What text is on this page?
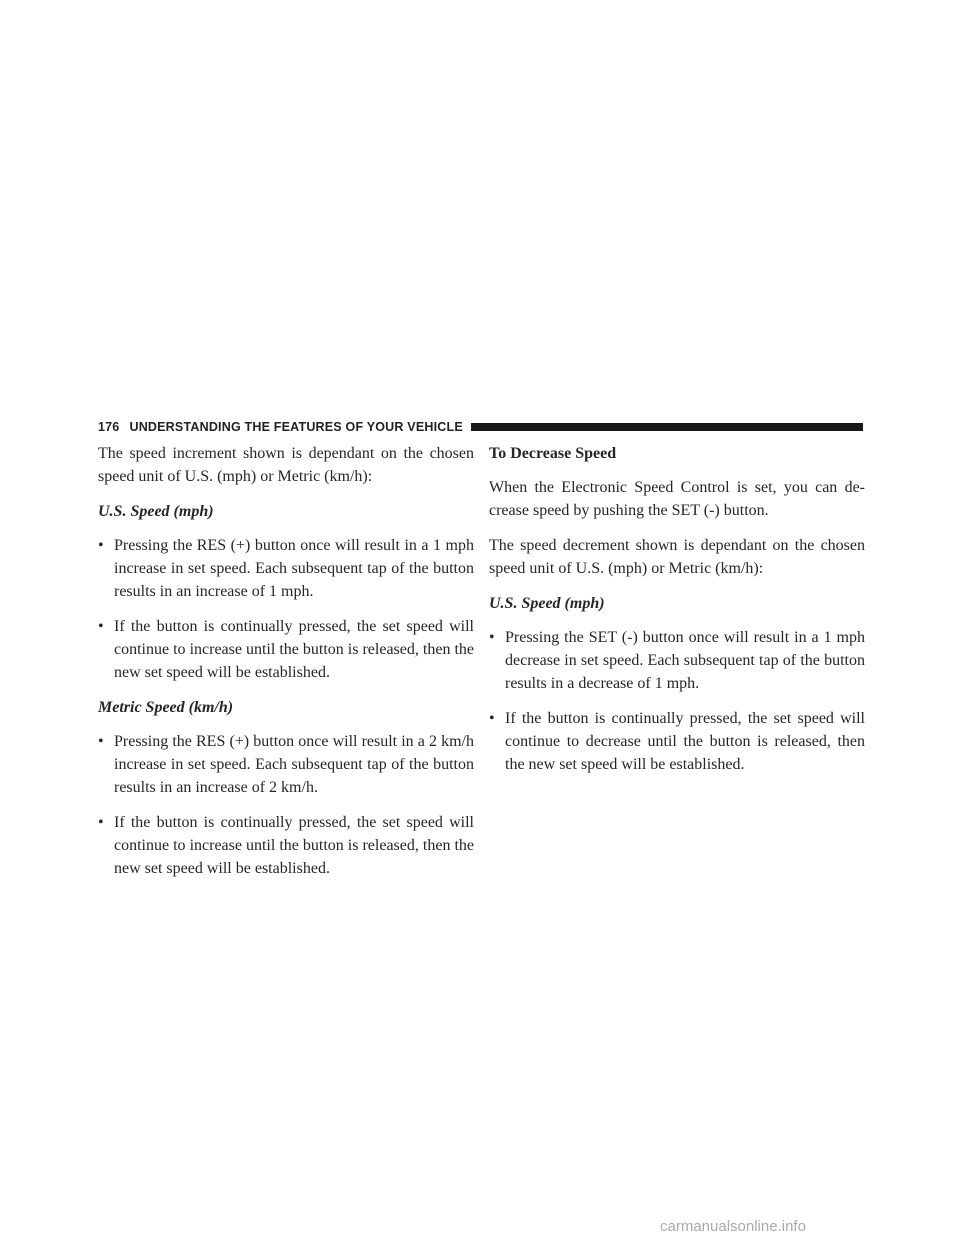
176 UNDERSTANDING THE FEATURES OF YOUR VEHICLE

The speed increment shown is dependant on the chosen speed unit of U.S. (mph) or Metric (km/h):

U.S. Speed (mph)
• Pressing the RES (+) button once will result in a 1 mph increase in set speed. Each subsequent tap of the button results in an increase of 1 mph.
• If the button is continually pressed, the set speed will continue to increase until the button is released, then the new set speed will be established.
Metric Speed (km/h)
• Pressing the RES (+) button once will result in a 2 km/h increase in set speed. Each subsequent tap of the button results in an increase of 2 km/h.
• If the button is continually pressed, the set speed will continue to increase until the button is released, then the new set speed will be established.
To Decrease Speed

When the Electronic Speed Control is set, you can de-crease speed by pushing the SET (-) button.

The speed decrement shown is dependant on the chosen speed unit of U.S. (mph) or Metric (km/h):

U.S. Speed (mph)
• Pressing the SET (-) button once will result in a 1 mph decrease in set speed. Each subsequent tap of the button results in a decrease of 1 mph.
• If the button is continually pressed, the set speed will continue to decrease until the button is released, then the new set speed will be established.
carmanualsonline.info
